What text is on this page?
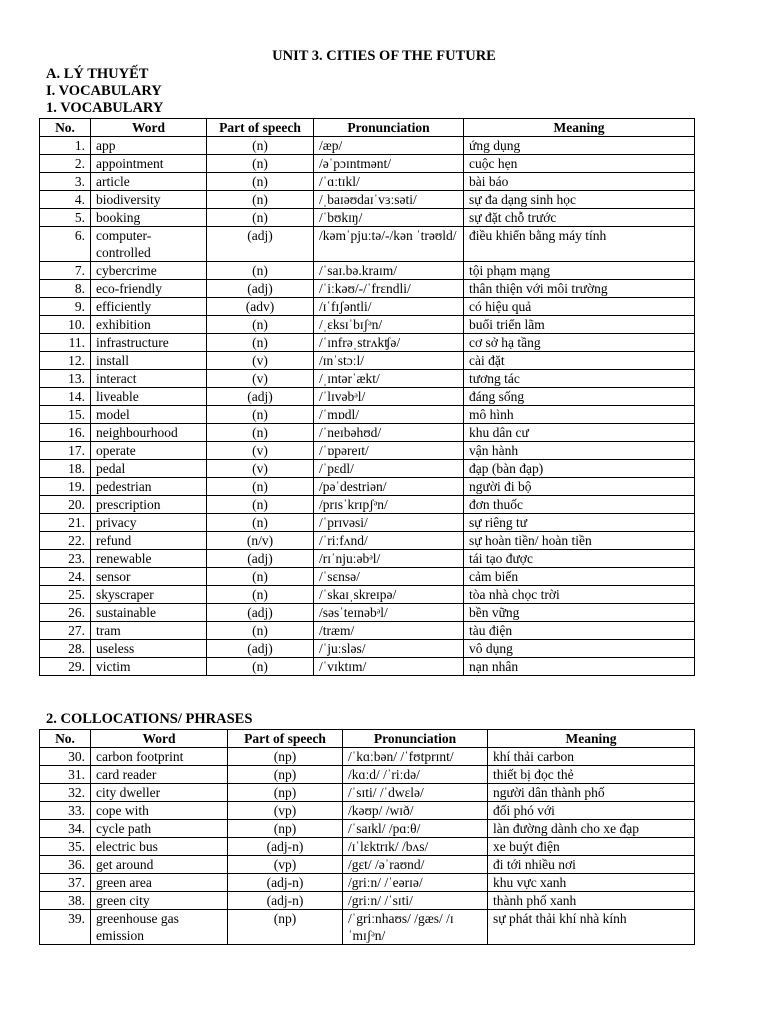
UNIT 3. CITIES OF THE FUTURE
A. LÝ THUYẾT
I. VOCABULARY
1. VOCABULARY
No.	Word	Part of speech	Pronunciation	Meaning
1.	app	(n)	/æp/	ứng dụng
2.	appointment	(n)	/əˈpɔɪntmənt/	cuộc hẹn
3.	article	(n)	/ˈɑːtɪkl/	bài báo
4.	biodiversity	(n)	/ˌbaɪəʊdaɪˈvɜːsəti/	sự đa dạng sinh học
5.	booking	(n)	/ˈbʊkɪŋ/	sự đặt chỗ trước
6.	computer-controlled	(adj)	/kəmˈpjuːtə/-/kən ˈtrəʊld/	điều khiển bằng máy tính
7.	cybercrime	(n)	/ˈsaɪ.bə.kraɪm/	tội phạm mạng
8.	eco-friendly	(adj)	/ˈiːkəʊ/-/ˈfrɛndli/	thân thiện với môi trường
9.	efficiently	(adv)	/ɪˈfɪʃəntli/	có hiệu quả
10.	exhibition	(n)	/ˌɛksɪˈbɪʃᵊn/	buổi triển lãm
11.	infrastructure	(n)	/ˈɪnfrəˌstrʌkʧə/	cơ sở hạ tầng
12.	install	(v)	/ɪnˈstɔːl/	cài đặt
13.	interact	(v)	/ˌɪntərˈækt/	tương tác
14.	liveable	(adj)	/ˈlɪvəbᵊl/	đáng sống
15.	model	(n)	/ˈmɒdl/	mô hình
16.	neighbourhood	(n)	/ˈneɪbəhʊd/	khu dân cư
17.	operate	(v)	/ˈɒpəreɪt/	vận hành
18.	pedal	(v)	/ˈpɛdl/	đạp (bàn đạp)
19.	pedestrian	(n)	/pəˈdestriən/	người đi bộ
20.	prescription	(n)	/prɪsˈkrɪpʃᵊn/	đơn thuốc
21.	privacy	(n)	/ˈprɪvəsi/	sự riêng tư
22.	refund	(n/v)	/ˈriːfʌnd/	sự hoàn tiền/ hoàn tiền
23.	renewable	(adj)	/rɪˈnjuːəbᵊl/	tái tạo được
24.	sensor	(n)	/ˈsɛnsə/	cảm biến
25.	skyscraper	(n)	/ˈskaɪˌskreɪpə/	tòa nhà chọc trời
26.	sustainable	(adj)	/səsˈteɪnəbᵊl/	bền vững
27.	tram	(n)	/træm/	tàu điện
28.	useless	(adj)	/ˈjuːsləs/	vô dụng
29.	victim	(n)	/ˈvɪktɪm/	nạn nhân
2. COLLOCATIONS/ PHRASES
No.	Word	Part of speech	Pronunciation	Meaning
30.	carbon footprint	(np)	/ˈkɑːbən/ /ˈfʊtprɪnt/	khí thải carbon
31.	card reader	(np)	/kɑːd/ /ˈriːdə/	thiết bị đọc thẻ
32.	city dweller	(np)	/ˈsɪti/ /ˈdwɛlə/	người dân thành phố
33.	cope with	(vp)	/kəʊp/ /wɪð/	đối phó với
34.	cycle path	(np)	/ˈsaɪkl/ /pɑːθ/	làn đường dành cho xe đạp
35.	electric bus	(adj-n)	/ɪˈlɛktrɪk/ /bʌs/	xe buýt điện
36.	get around	(vp)	/gɛt/ /əˈraʊnd/	đi tới nhiều nơi
37.	green area	(adj-n)	/griːn/ /ˈeərɪə/	khu vực xanh
38.	green city	(adj-n)	/griːn/ /ˈsɪti/	thành phố xanh
39.	greenhouse gas emission	(np)	/ˈgriːnhaʊs/ /gæs/ /ɪˈmɪʃᵊn/	sự phát thải khí nhà kính
